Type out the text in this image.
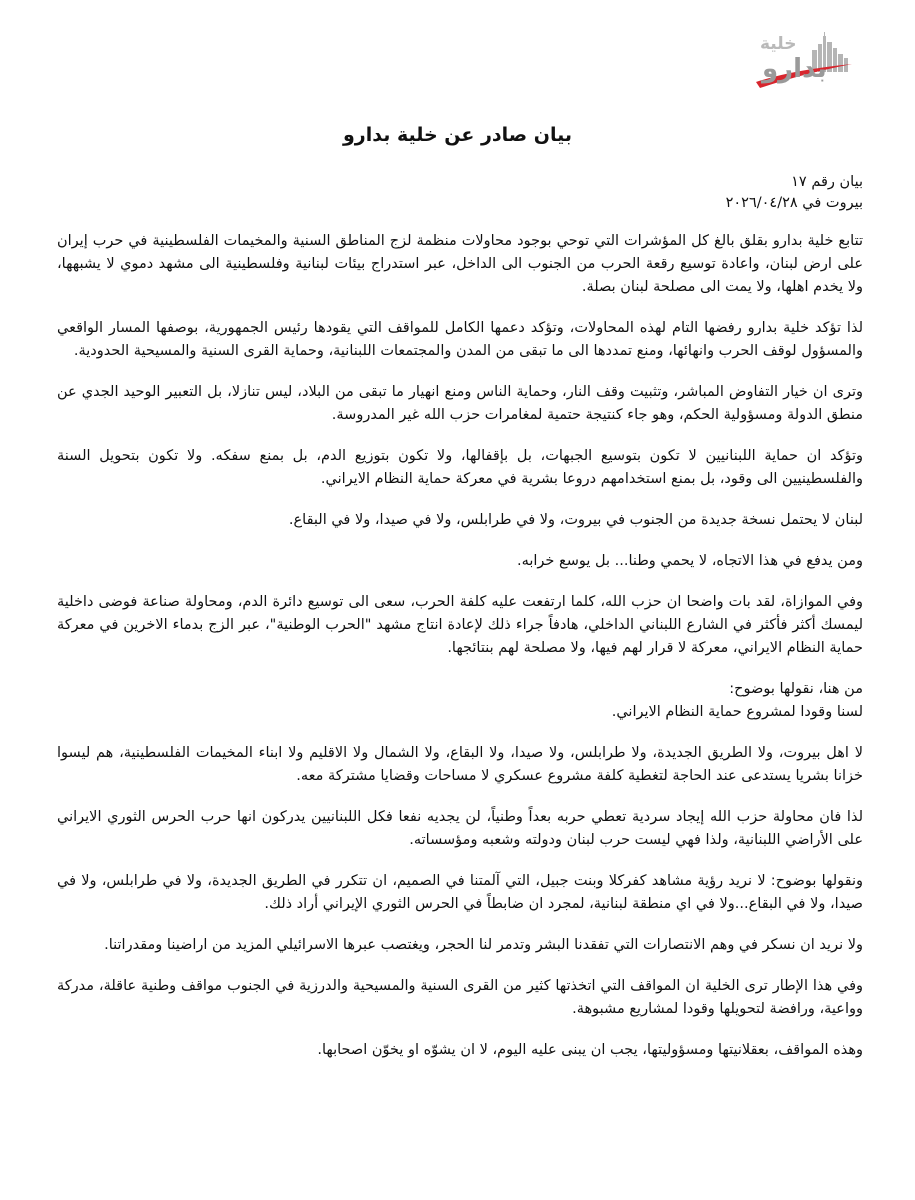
خلية
بدارو
بيان صادر عن خلية بدارو
بيان رقم ١٧
بيروت في ٢٠٢٦/٠٤/٢٨

تتابع خلية بدارو بقلق بالغ كل المؤشرات التي توحي بوجود محاولات منظمة لزج المناطق السنية والمخيمات الفلسطينية في حرب إيران على ارض لبنان، واعادة توسيع رقعة الحرب من الجنوب الى الداخل، عبر استدراج بيئات لبنانية وفلسطينية الى مشهد دموي لا يشبهها، ولا يخدم اهلها، ولا يمت الى مصلحة لبنان بصلة.

لذا تؤكد خلية بدارو رفضها التام لهذه المحاولات، وتؤكد دعمها الكامل للمواقف التي يقودها رئيس الجمهورية، بوصفها المسار الواقعي والمسؤول لوقف الحرب وانهائها، ومنع تمددها الى ما تبقى من المدن والمجتمعات اللبنانية، وحماية القرى السنية والمسيحية الحدودية.

وترى ان خيار التفاوض المباشر، وتثبيت وقف النار، وحماية الناس ومنع انهيار ما تبقى من البلاد، ليس تنازلا، بل التعبير الوحيد الجدي عن منطق الدولة ومسؤولية الحكم، وهو جاء كنتيجة حتمية لمغامرات حزب الله غير المدروسة.

وتؤكد ان حماية اللبنانيين لا تكون بتوسيع الجبهات، بل بإقفالها، ولا تكون بتوزيع الدم، بل بمنع سفكه. ولا تكون بتحويل السنة والفلسطينيين الى وقود، بل بمنع استخدامهم دروعا بشرية في معركة حماية النظام الايراني.

لبنان لا يحتمل نسخة جديدة من الجنوب في بيروت، ولا في طرابلس، ولا في صيدا، ولا في البقاع.

ومن يدفع في هذا الاتجاه، لا يحمي وطنا... بل يوسع خرابه.

وفي الموازاة، لقد بات واضحا ان حزب الله، كلما ارتفعت عليه كلفة الحرب، سعى الى توسيع دائرة الدم، ومحاولة صناعة فوضى داخلية ليمسك أكثر فأكثر في الشارع اللبناني الداخلي، هادفاً جراء ذلك لإعادة انتاج مشهد "الحرب الوطنية"، عبر الزج بدماء الاخرين في معركة حماية النظام الايراني، معركة لا قرار لهم فيها، ولا مصلحة لهم بنتائجها.

من هنا، نقولها بوضوح:

لسنا وقودا لمشروع حماية النظام الايراني.

لا اهل بيروت، ولا الطريق الجديدة، ولا طرابلس، ولا صيدا، ولا البقاع، ولا الشمال ولا الاقليم ولا ابناء المخيمات الفلسطينية، هم ليسوا خزانا بشريا يستدعى عند الحاجة لتغطية كلفة مشروع عسكري لا مساحات وقضايا مشتركة معه.

لذا فان محاولة حزب الله إيجاد سردية تعطي حربه بعداً وطنياً، لن يجديه نفعا فكل اللبنانيين يدركون انها حرب الحرس الثوري الايراني على الأراضي اللبنانية، ولذا فهي ليست حرب لبنان ودولته وشعبه ومؤسساته.

ونقولها بوضوح: لا نريد رؤية مشاهد كفركلا وبنت جبيل، التي آلمتنا في الصميم، ان تتكرر في الطريق الجديدة، ولا في طرابلس، ولا في صيدا، ولا في البقاع...ولا في اي منطقة لبنانية، لمجرد ان ضابطاً في الحرس الثوري الإيراني أراد ذلك.

ولا نريد ان نسكر في وهم الانتصارات التي تفقدنا البشر وتدمر لنا الحجر، ويغتصب عبرها الاسرائيلي المزيد من اراضينا ومقدراتنا.

وفي هذا الإطار ترى الخلية ان المواقف التي اتخذتها كثير من القرى السنية والمسيحية والدرزية في الجنوب مواقف وطنية عاقلة، مدركة وواعية، ورافضة لتحويلها وقودا لمشاريع مشبوهة.

وهذه المواقف، بعقلانيتها ومسؤوليتها، يجب ان يبنى عليه اليوم، لا ان يشوّه او يخوّن اصحابها.
